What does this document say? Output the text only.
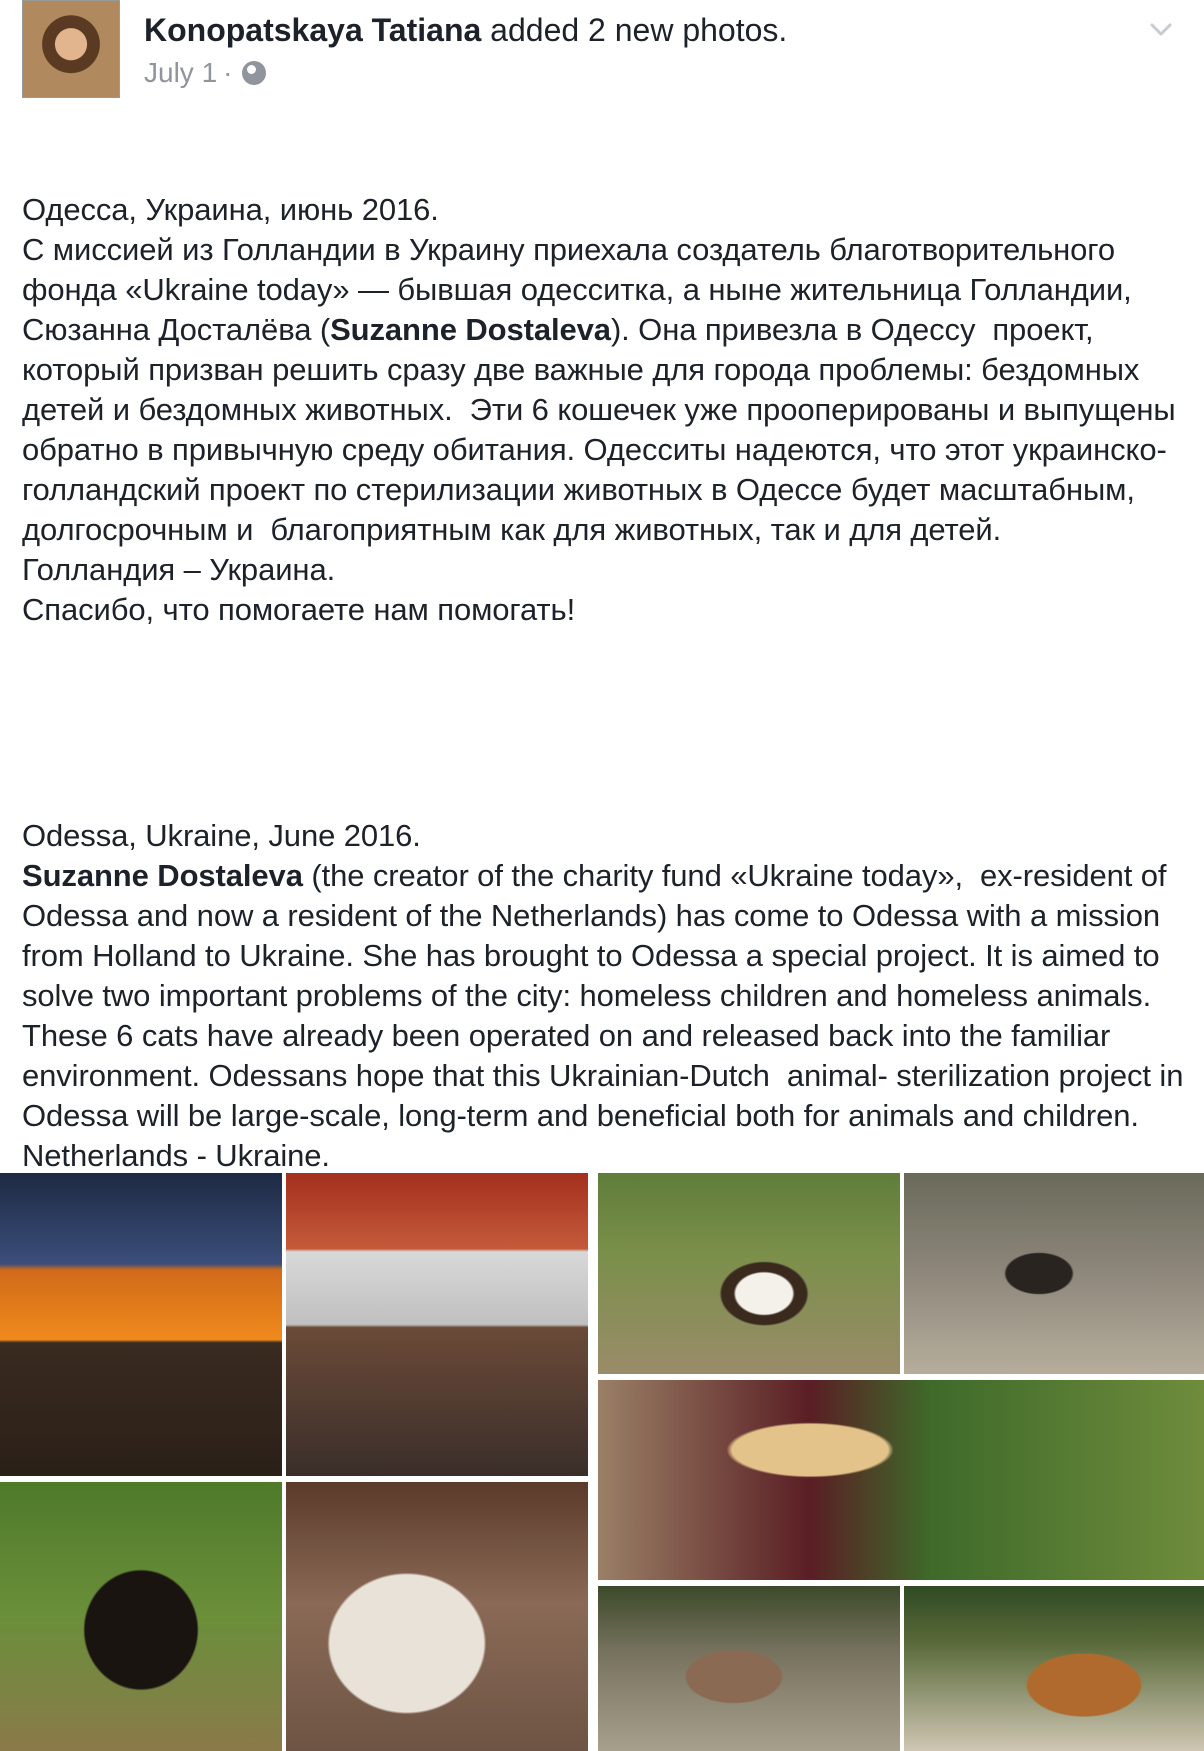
Konopatskaya Tatiana added 2 new photos.
July 1 ·

Одесса, Украина, июнь 2016.
С миссией из Голландии в Украину приехала создатель благотворительного фонда «Ukraine today» — бывшая одесситка, а ныне жительница Голландии, Сюзанна Досталёва (Suzanne Dostaleva). Она привезла в Одессу  проект, который призван решить сразу две важные для города проблемы: бездомных детей и бездомных животных.  Эти 6 кошечек уже прооперированы и выпущены обратно в привычную среду обитания. Одесситы надеются, что этот украинско-голландский проект по стерилизации животных в Одессе будет масштабным, долгосрочным и  благоприятным как для животных, так и для детей.
Голландия – Украина.
Спасибо, что помогаете нам помогать!

Odessa, Ukraine, June 2016.
Suzanne Dostaleva (the creator of the charity fund «Ukraine today»,  ex-resident of Odessa and now a resident of the Netherlands) has come to Odessa with a mission from Holland to Ukraine. She has brought to Odessa a special project. It is aimed to solve two important problems of the city: homeless children and homeless animals. These 6 cats have already been operated on and released back into the familiar environment. Odessans hope that this Ukrainian-Dutch  animal- sterilization project in Odessa will be large-scale, long-term and beneficial both for animals and children.
Netherlands - Ukraine.
